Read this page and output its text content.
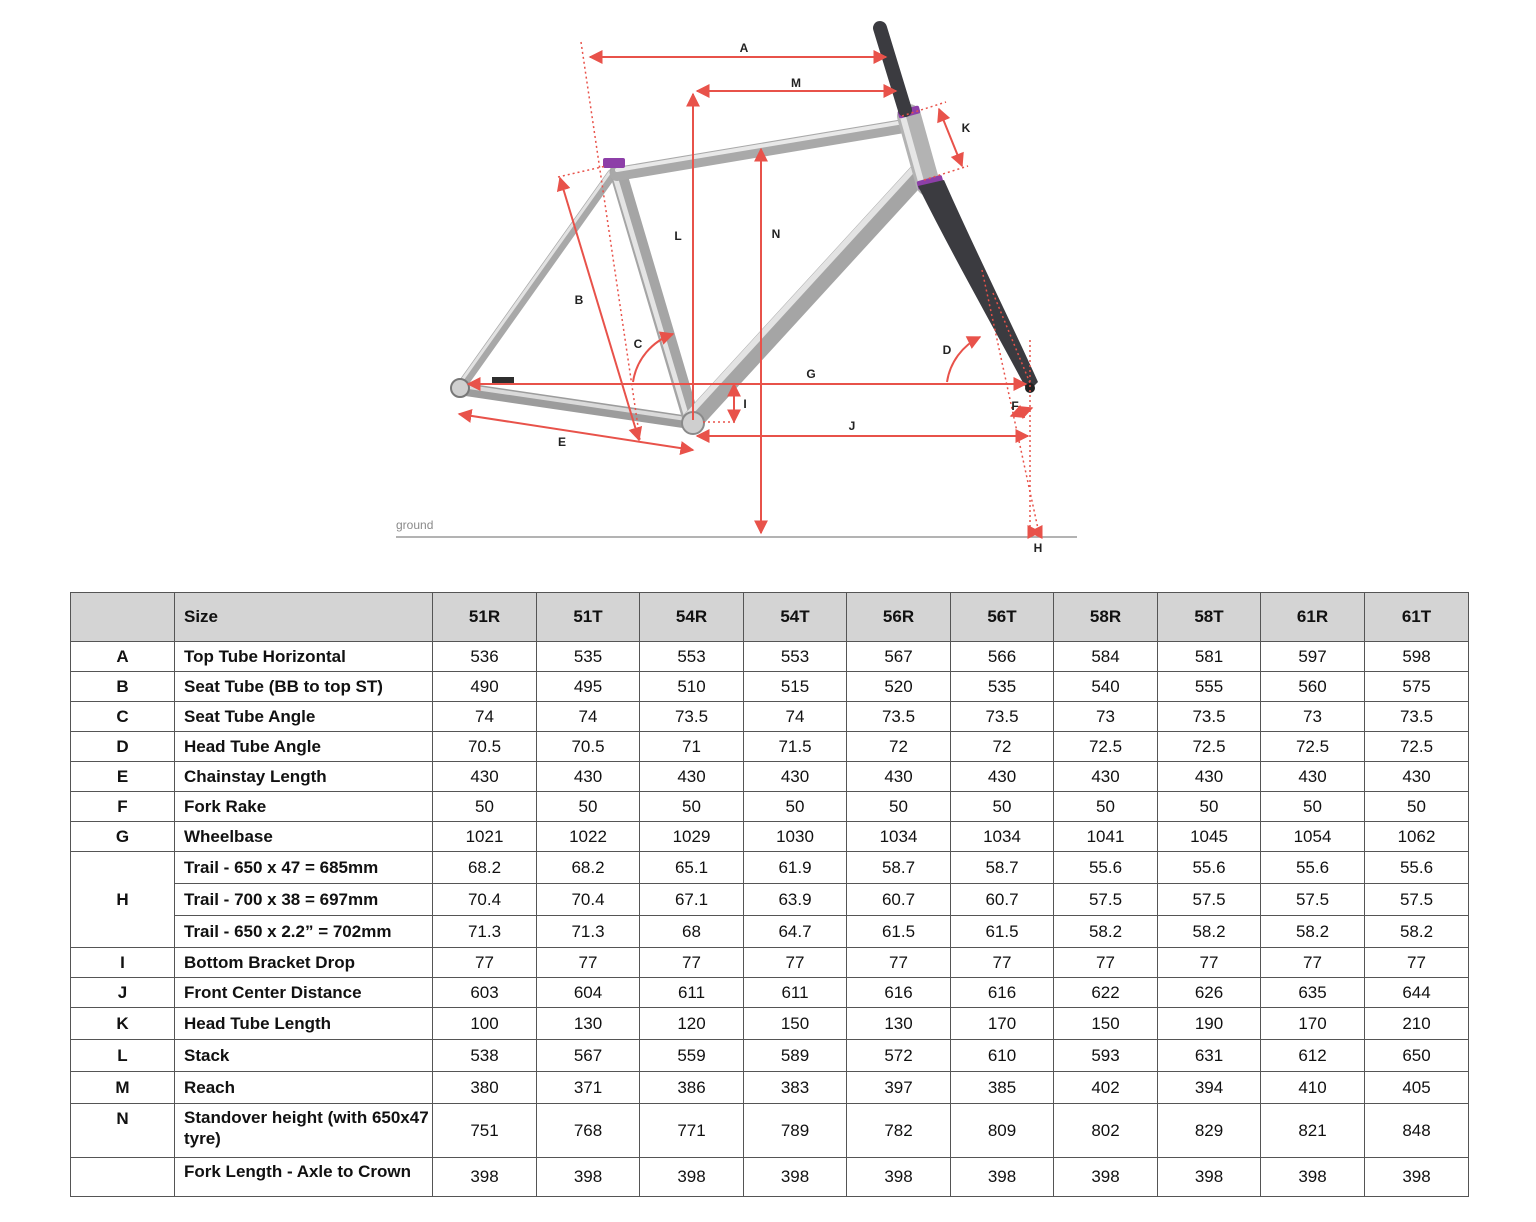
ground
A
M
K
L	N
B
C	D
G
I	F
J
E
H
	Size	51R	51T	54R	54T	56R	56T	58R	58T	61R	61T
A	Top Tube Horizontal	536	535	553	553	567	566	584	581	597	598
B	Seat Tube (BB to top ST)	490	495	510	515	520	535	540	555	560	575
C	Seat Tube Angle	74	74	73.5	74	73.5	73.5	73	73.5	73	73.5
D	Head Tube Angle	70.5	70.5	71	71.5	72	72	72.5	72.5	72.5	72.5
E	Chainstay Length	430	430	430	430	430	430	430	430	430	430
F	Fork Rake	50	50	50	50	50	50	50	50	50	50
G	Wheelbase	1021	1022	1029	1030	1034	1034	1041	1045	1054	1062
H	Trail - 650 x 47 = 685mm	68.2	68.2	65.1	61.9	58.7	58.7	55.6	55.6	55.6	55.6
	Trail - 700 x 38 = 697mm	70.4	70.4	67.1	63.9	60.7	60.7	57.5	57.5	57.5	57.5
	Trail - 650 x 2.2” = 702mm	71.3	71.3	68	64.7	61.5	61.5	58.2	58.2	58.2	58.2
I	Bottom Bracket Drop	77	77	77	77	77	77	77	77	77	77
J	Front Center Distance	603	604	611	611	616	616	622	626	635	644
K	Head Tube Length	100	130	120	150	130	170	150	190	170	210
L	Stack	538	567	559	589	572	610	593	631	612	650
M	Reach	380	371	386	383	397	385	402	394	410	405
N	Standover height (with 650x47 tyre)	751	768	771	789	782	809	802	829	821	848
	Fork Length - Axle to Crown	398	398	398	398	398	398	398	398	398	398
